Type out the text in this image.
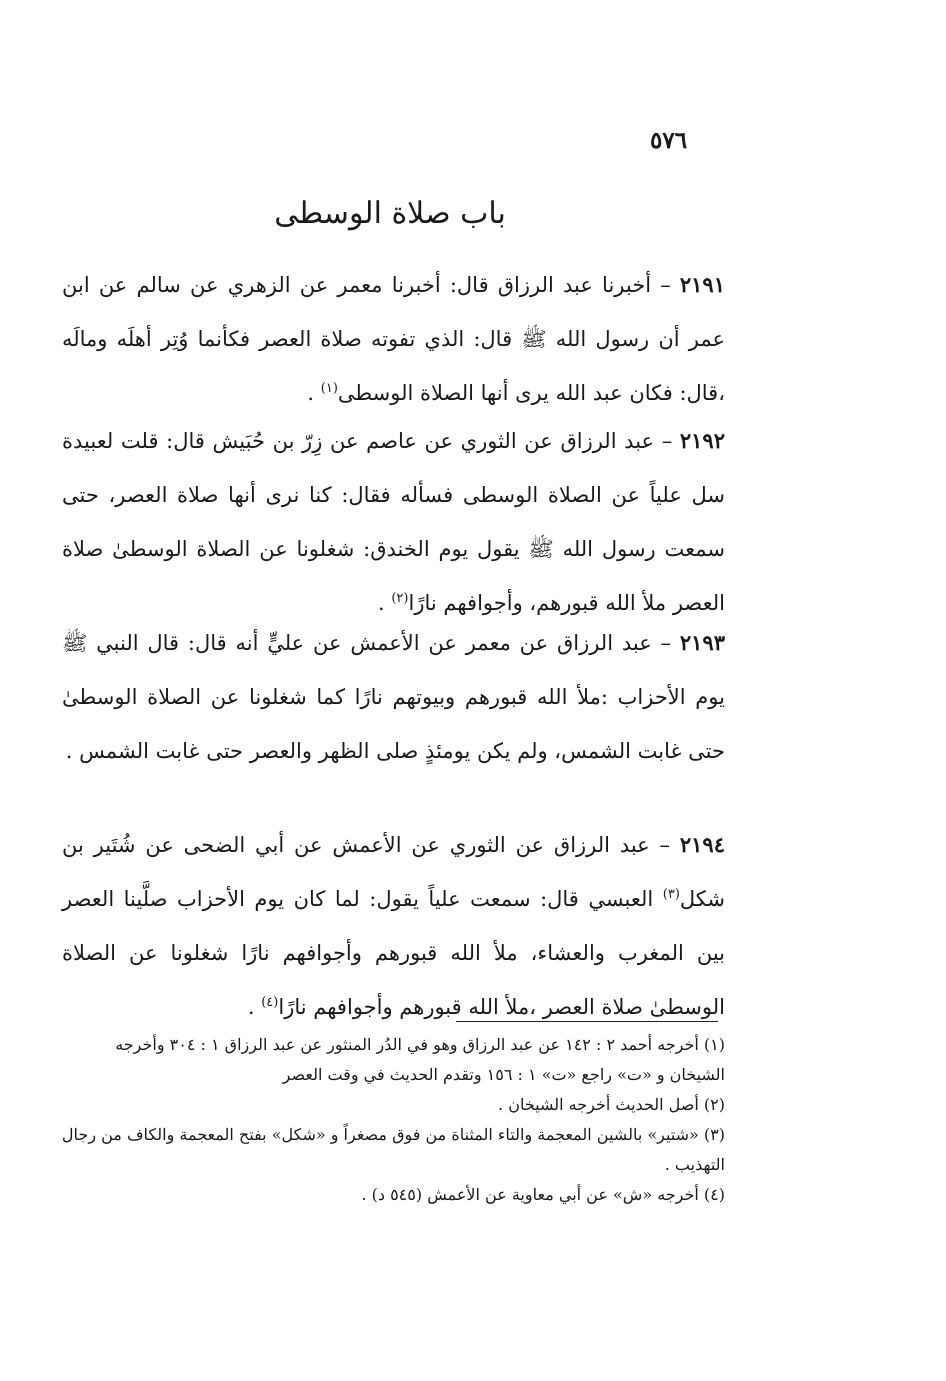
٥٧٦
باب صلاة الوسطى

٢١٩١ – أخبرنا عبد الرزاق قال: أخبرنا معمر عن الزهري عن سالم عن ابن عمر أن رسول الله ﷺ قال: الذي تفوته صلاة العصر فكأنما وُتِر أهلَه ومالَه ،قال: فكان عبد الله يرى أنها الصلاة الوسطى$^{(١)}$ .

٢١٩٢ – عبد الرزاق عن الثوري عن عاصم عن زِرّ بن حُبَيش قال: قلت لعبيدة سل علياً عن الصلاة الوسطى فسأله فقال: كنا نرى أنها صلاة العصر، حتى سمعت رسول الله ﷺ يقول يوم الخندق: شغلونا عن الصلاة الوسطىٰ صلاة العصر ملأ الله قبورهم، وأجوافهم نارًا$^{(٢)}$ .

٢١٩٣ – عبد الرزاق عن معمر عن الأعمش عن عليٍّ أنه قال: قال النبي ﷺ يوم الأحزاب :ملأ الله قبورهم وبيوتهم نارًا كما شغلونا عن الصلاة الوسطىٰ حتى غابت الشمس، ولم يكن يومئذٍ صلى الظهر والعصر حتى غابت الشمس .

٢١٩٤ – عبد الرزاق عن الثوري عن الأعمش عن أبي الضحى عن شُتَير بن شكل$^{(٣)}$ العبسي قال: سمعت علياً يقول: لما كان يوم الأحزاب صلَّينا العصر بين المغرب والعشاء، ملأ الله قبورهم وأجوافهم نارًا شغلونا عن الصلاة الوسطىٰ صلاة العصر ،ملأ الله قبورهم وأجوافهم نارًا$^{(٤)}$ .

(١) أخرجه أحمد ٢ : ١٤٢ عن عبد الرزاق وهو في الدُر المنثور عن عبد الرزاق ١ : ٣٠٤ وأخرجه الشيخان و «ت» راجع «ت» ١ : ١٥٦ وتقدم الحديث في وقت العصر
(٢) أصل الحديث أخرجه الشيخان .
(٣) «شتير» بالشين المعجمة والتاء المثناة من فوق مصغراً و «شكل» بفتح المعجمة والكاف من رجال التهذيب .
(٤) أخرجه «ش» عن أبي معاوية عن الأعمش (٥٤٥ د) .
